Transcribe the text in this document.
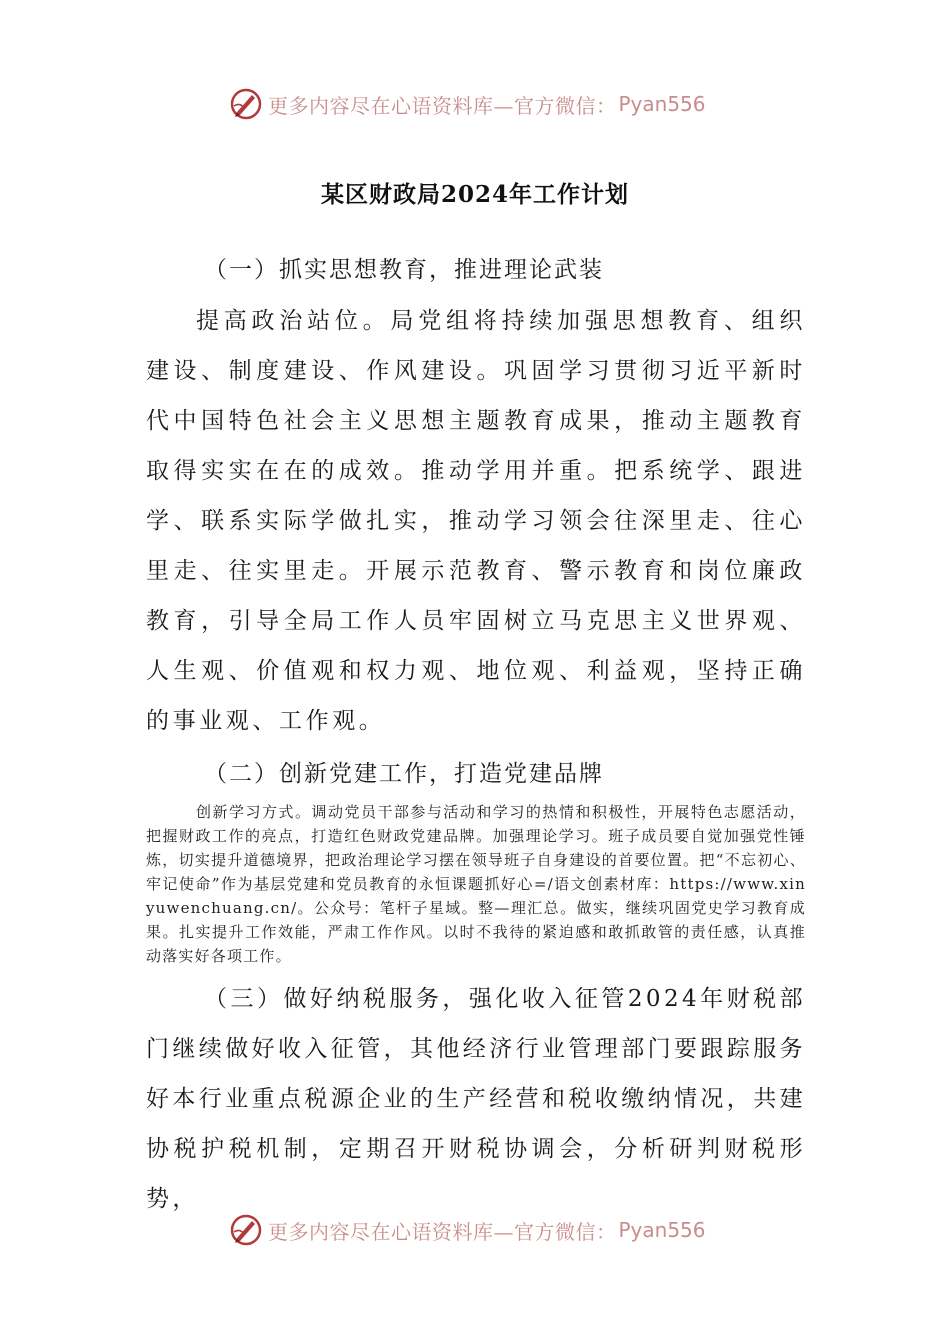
更多内容尽在心语资料库—官方微信： Pyan556
某区财政局2024年工作计划
（一）抓实思想教育，推进理论武装

提高政治站位。局党组将持续加强思想教育、组织建设、制度建设、作风建设。巩固学习贯彻习近平新时代中国特色社会主义思想主题教育成果，推动主题教育取得实实在在的成效。推动学用并重。把系统学、跟进学、联系实际学做扎实，推动学习领会往深里走、往心里走、往实里走。开展示范教育、警示教育和岗位廉政教育，引导全局工作人员牢固树立马克思主义世界观、人生观、价值观和权力观、地位观、利益观，坚持正确的事业观、工作观。

（二）创新党建工作，打造党建品牌

创新学习方式。调动党员干部参与活动和学习的热情和积极性，开展特色志愿活动，把握财政工作的亮点，打造红色财政党建品牌。加强理论学习。班子成员要自觉加强党性锤炼，切实提升道德境界，把政治理论学习摆在领导班子自身建设的首要位置。把“不忘初心、牢记使命”作为基层党建和党员教育的永恒课题抓好心=/语文创素材库：https://www.xinyuwenchuang.cn/。公众号：笔杆子星域。整—理汇总。做实，继续巩固党史学习教育成果。扎实提升工作效能，严肃工作作风。以时不我待的紧迫感和敢抓敢管的责任感，认真推动落实好各项工作。

（三）做好纳税服务，强化收入征管2024年财税部门继续做好收入征管，其他经济行业管理部门要跟踪服务好本行业重点税源企业的生产经营和税收缴纳情况，共建协税护税机制，定期召开财税协调会，分析研判财税形势，

更多内容尽在心语资料库—官方微信： Pyan556
